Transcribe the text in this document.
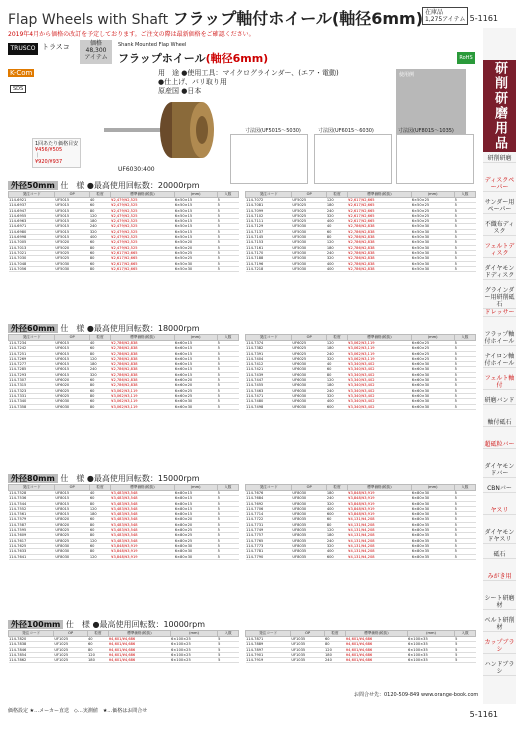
Flap Wheels with Shaft フラップ軸付ホイール(軸径6mm) 在庫品
1,275アイテム 5-1161
2019年4月から価格の改訂を予定しております。ご注文の際は最新価格をご確認ください。
TRUSCO トラスコ	価格
48,300
アイテム
Shank Mounted Flap Wheel
フラップホイール(軸径6mm)	RoHS
K-Com
SDS
用　途 ●使用工具：マイクログラインダー、(エア・電動)
●仕上げ、バリ取り用
原産国 ●日本
UF6030:400
1回あたり価格目安
¥456/¥505
｜
¥920/¥937
使用例
寸法図(UF5015〜5030)	寸法図(UF6015〜6030)	寸法図(UF8015〜1035)
外径50mm 仕　様 ●最高使用回転数：20000rpm
発注コード	OP	粒度	標準価格(税抜)	(mm)	入数
114-6921	UF5015	40	¥2,479/¥2,525	6×50×15	5
114-6937	UF5015	60	¥2,479/¥2,525	6×50×15	5
114-6947	UF5015	80	¥2,479/¥2,525	6×50×15	5
114-6955	UF5015	120	¥2,479/¥2,525	6×50×15	5
114-6963	UF5015	180	¥2,479/¥2,525	6×50×15	5
114-6971	UF5015	240	¥2,479/¥2,525	6×50×15	5
114-6980	UF5015	320	¥2,479/¥2,525	6×50×15	5
114-6998	UF5015	400	¥2,479/¥2,525	6×50×15	5
114-7005	UF5020	60	¥2,479/¥2,525	6×50×20	5
114-7013	UF5020	80	¥2,479/¥2,525	6×50×20	5
114-7021	UF5025	60	¥2,617/¥2,665	6×50×25	5
114-7030	UF5025	80	¥2,617/¥2,665	6×50×25	5
114-7048	UF5030	60	¥2,617/¥2,665	6×50×30	5
114-7056	UF5030	80	¥2,617/¥2,665	6×50×30	5
発注コード	OP	粒度	標準価格(税抜)	(mm)	入数
114-7072	UF5025	120	¥2,617/¥2,665	6×50×25	5
114-7081	UF5025	180	¥2,617/¥2,665	6×50×25	5
114-7099	UF5025	240	¥2,617/¥2,665	6×50×25	5
114-7102	UF5025	320	¥2,617/¥2,665	6×50×25	5
114-7111	UF5025	400	¥2,617/¥2,665	6×50×25	5
114-7129	UF5030	40	¥2,786/¥2,838	6×50×30	5
114-7137	UF5030	60	¥2,786/¥2,838	6×50×30	5
114-7145	UF5030	80	¥2,786/¥2,838	6×50×30	5
114-7153	UF5030	120	¥2,786/¥2,838	6×50×30	5
114-7161	UF5030	180	¥2,786/¥2,838	6×50×30	5
114-7170	UF5030	240	¥2,786/¥2,838	6×50×30	5
114-7188	UF5030	320	¥2,786/¥2,838	6×50×30	5
114-7196	UF5030	400	¥2,786/¥2,838	6×50×30	5
114-7218	UF5030	400	¥2,786/¥2,838	6×50×30	5
外径60mm 仕　様 ●最高使用回転数：18000rpm
発注コード	OP	粒度	標準価格(税抜)	(mm)	入数
114-7234	UF6015	40	¥2,786/¥2,838	6×60×15	5
114-7242	UF6015	60	¥2,786/¥2,838	6×60×15	5
114-7251	UF6015	80	¥2,786/¥2,838	6×60×15	5
114-7269	UF6015	120	¥2,786/¥2,838	6×60×15	5
114-7277	UF6015	180	¥2,786/¥2,838	6×60×15	5
114-7285	UF6015	240	¥2,786/¥2,838	6×60×15	5
114-7293	UF6015	320	¥2,786/¥2,838	6×60×15	5
114-7307	UF6020	60	¥2,786/¥2,838	6×60×20	5
114-7315	UF6020	80	¥2,786/¥2,838	6×60×20	5
114-7323	UF6025	60	¥3,062/¥3,119	6×60×25	5
114-7331	UF6025	80	¥3,062/¥3,119	6×60×25	5
114-7340	UF6030	60	¥3,062/¥3,119	6×60×30	5
114-7358	UF6030	80	¥3,062/¥3,119	6×60×30	5
発注コード	OP	粒度	標準価格(税抜)	(mm)	入数
114-7374	UF6025	120	¥3,062/¥3,119	6×60×25	5
114-7382	UF6025	180	¥3,062/¥3,119	6×60×25	5
114-7391	UF6025	240	¥3,062/¥3,119	6×60×25	5
114-7404	UF6025	320	¥3,062/¥3,119	6×60×25	5
114-7412	UF6030	40	¥3,340/¥3,402	6×60×30	5
114-7421	UF6030	60	¥3,340/¥3,402	6×60×30	5
114-7439	UF6030	80	¥3,340/¥3,402	6×60×30	5
114-7447	UF6030	120	¥3,340/¥3,402	6×60×30	5
114-7455	UF6030	180	¥3,340/¥3,402	6×60×30	5
114-7463	UF6030	240	¥3,340/¥3,402	6×60×30	5
114-7471	UF6030	320	¥3,340/¥3,402	6×60×30	5
114-7480	UF6030	400	¥3,340/¥3,402	6×60×30	5
114-7498	UF6030	600	¥3,340/¥3,402	6×60×30	5
外径80mm 仕　様 ●最高使用回転数：15000rpm
発注コード	OP	粒度	標準価格(税抜)	(mm)	入数
114-7528	UF8015	40	¥3,483/¥3,548	6×80×15	5
114-7536	UF8015	60	¥3,483/¥3,548	6×80×15	5
114-7544	UF8015	80	¥3,483/¥3,548	6×80×15	5
114-7552	UF8015	120	¥3,483/¥3,548	6×80×15	5
114-7561	UF8015	180	¥3,483/¥3,548	6×80×15	5
114-7579	UF8020	60	¥3,483/¥3,548	6×80×20	5
114-7587	UF8020	80	¥3,483/¥3,548	6×80×20	5
114-7595	UF8025	60	¥3,483/¥3,548	6×80×25	5
114-7609	UF8025	80	¥3,483/¥3,548	6×80×25	5
114-7617	UF8025	120	¥3,483/¥3,548	6×80×25	5
114-7625	UF8030	60	¥3,848/¥3,919	6×80×30	5
114-7633	UF8030	80	¥3,848/¥3,919	6×80×30	5
114-7641	UF8030	120	¥3,848/¥3,919	6×80×30	5
発注コード	OP	粒度	標準価格(税抜)	(mm)	入数
114-7676	UF8030	180	¥3,848/¥3,919	6×80×30	5
114-7684	UF8030	240	¥3,848/¥3,919	6×80×30	5
114-7692	UF8030	320	¥3,848/¥3,919	6×80×30	5
114-7706	UF8030	400	¥3,848/¥3,919	6×80×30	5
114-7714	UF8030	600	¥3,848/¥3,919	6×80×30	5
114-7722	UF8035	60	¥4,131/¥4,208	6×80×35	5
114-7731	UF8035	80	¥4,131/¥4,208	6×80×35	5
114-7749	UF8035	120	¥4,131/¥4,208	6×80×35	5
114-7757	UF8035	180	¥4,131/¥4,208	6×80×35	5
114-7765	UF8035	240	¥4,131/¥4,208	6×80×35	5
114-7773	UF8035	320	¥4,131/¥4,208	6×80×35	5
114-7781	UF8035	400	¥4,131/¥4,208	6×80×35	5
114-7790	UF8035	600	¥4,131/¥4,208	6×80×35	5
外径100mm 仕　様 ●最高使用回転数：10000rpm
発注コード	OP	粒度	標準価格(税抜)	(mm)	入数
114-7820	UF1025	40	¥4,601/¥4,686	6×100×25	5
114-7838	UF1025	60	¥4,601/¥4,686	6×100×25	5
114-7846	UF1025	80	¥4,601/¥4,686	6×100×25	5
114-7854	UF1025	120	¥4,601/¥4,686	6×100×25	5
114-7862	UF1025	180	¥4,601/¥4,686	6×100×25	5
発注コード	OP	粒度	標準価格(税抜)	(mm)	入数
114-7871	UF1035	60	¥4,601/¥4,686	6×100×35	5
114-7889	UF1035	80	¥4,601/¥4,686	6×100×35	5
114-7897	UF1035	120	¥4,601/¥4,686	6×100×35	5
114-7901	UF1035	180	¥4,601/¥4,686	6×100×35	5
114-7919	UF1035	240	¥4,601/¥4,686	6×100×35	5
研削研磨用品
研削研磨
ディスクペーパー
サンダー用ペーパー
不織布ディスク
フェルトディスク
ダイヤモンドディスク
グラインダー用研削砥石
ドレッサー
フラップ軸付ホイール
ナイロン軸付ホイール
フェルト軸付
研磨バンド
軸付砥石
超砥粒バー
ダイヤモンドバー
CBNバー
ヤスリ
ダイヤモンドヤスリ
砥石
みがき用
シート研磨材
ベルト研削材
カップブラシ
ハンドブラシ
お問合せ先：0120-509-849 www.orange-book.com
価格設定 ★…メーカー直送　◇…実測値　★…価格はお問合せ	5-1161
